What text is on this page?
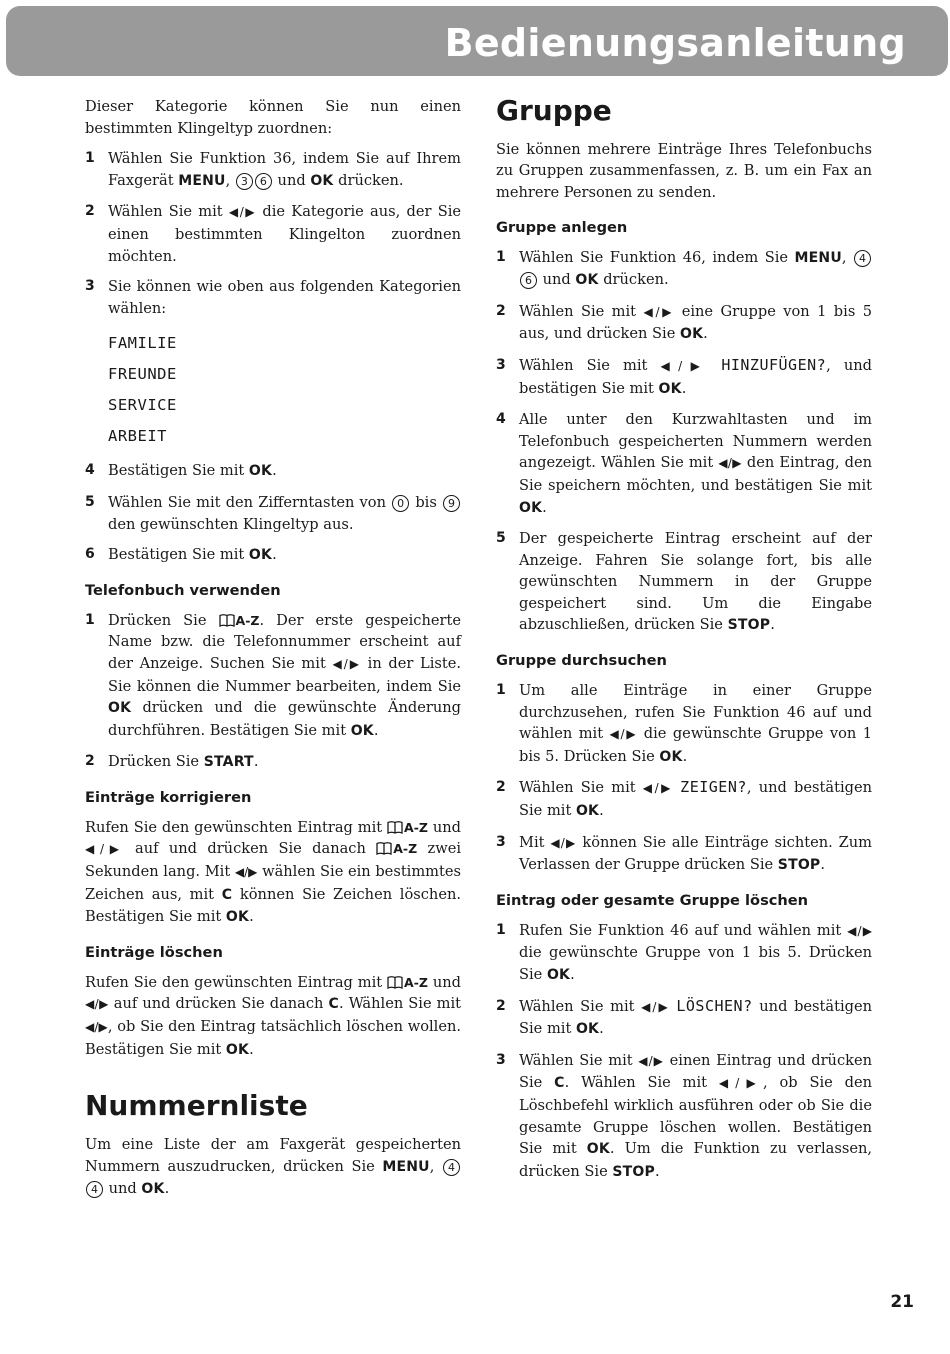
Bedienungsanleitung

Dieser Kategorie können Sie nun einen bestimmten Klingeltyp zuordnen:

1 Wählen Sie Funktion 36, indem Sie auf Ihrem Faxgerät MENU, 3 6 und OK drücken.
2 Wählen Sie mit ◀/▶ die Kategorie aus, der Sie einen bestimmten Klingelton zuordnen möchten.
3 Sie können wie oben aus folgenden Kategorien wählen:
FAMILIE
FREUNDE
SERVICE
ARBEIT
4 Bestätigen Sie mit OK.
5 Wählen Sie mit den Zifferntasten von 0 bis 9 den gewünschten Klingeltyp aus.
6 Bestätigen Sie mit OK.
Telefonbuch verwenden
1 Drücken Sie A-Z. Der erste gespeicherte Name bzw. die Telefonnummer erscheint auf der Anzeige. Suchen Sie mit ◀/▶ in der Liste. Sie können die Nummer bearbeiten, indem Sie OK drücken und die gewünschte Änderung durchführen. Bestätigen Sie mit OK.
2 Drücken Sie START.
Einträge korrigieren

Rufen Sie den gewünschten Eintrag mit A-Z und ◀/▶ auf und drücken Sie danach A-Z zwei Sekunden lang. Mit ◀/▶ wählen Sie ein bestimmtes Zeichen aus, mit C können Sie Zeichen löschen. Bestätigen Sie mit OK.

Einträge löschen

Rufen Sie den gewünschten Eintrag mit A-Z und ◀/▶ auf und drücken Sie danach C. Wählen Sie mit ◀/▶, ob Sie den Eintrag tatsächlich löschen wollen. Bestätigen Sie mit OK.

Nummernliste

Um eine Liste der am Faxgerät gespeicherten Nummern auszudrucken, drücken Sie MENU, 44 und OK.

Gruppe

Sie können mehrere Einträge Ihres Telefonbuchs zu Gruppen zusammenfassen, z. B. um ein Fax an mehrere Personen zu senden.

Gruppe anlegen
1 Wählen Sie Funktion 46, indem Sie MENU, 46 und OK drücken.
2 Wählen Sie mit ◀/▶ eine Gruppe von 1 bis 5 aus, und drücken Sie OK.
3 Wählen Sie mit ◀/▶ HINZUFÜGEN?, und bestätigen Sie mit OK.
4 Alle unter den Kurzwahltasten und im Telefonbuch gespeicherten Nummern werden angezeigt. Wählen Sie mit ◀/▶ den Eintrag, den Sie speichern möchten, und bestätigen Sie mit OK.
5 Der gespeicherte Eintrag erscheint auf der Anzeige. Fahren Sie solange fort, bis alle gewünschten Nummern in der Gruppe gespeichert sind. Um die Eingabe abzuschließen, drücken Sie STOP.
Gruppe durchsuchen
1 Um alle Einträge in einer Gruppe durchzusehen, rufen Sie Funktion 46 auf und wählen mit ◀/▶ die gewünschte Gruppe von 1 bis 5. Drücken Sie OK.
2 Wählen Sie mit ◀/▶ ZEIGEN?, und bestätigen Sie mit OK.
3 Mit ◀/▶ können Sie alle Einträge sichten. Zum Verlassen der Gruppe drücken Sie STOP.
Eintrag oder gesamte Gruppe löschen
1 Rufen Sie Funktion 46 auf und wählen mit ◀/▶ die gewünschte Gruppe von 1 bis 5. Drücken Sie OK.
2 Wählen Sie mit ◀/▶ LÖSCHEN? und bestätigen Sie mit OK.
3 Wählen Sie mit ◀/▶ einen Eintrag und drücken Sie C. Wählen Sie mit ◀/▶, ob Sie den Löschbefehl wirklich ausführen oder ob Sie die gesamte Gruppe löschen wollen. Bestätigen Sie mit OK. Um die Funktion zu verlassen, drücken Sie STOP.
21
